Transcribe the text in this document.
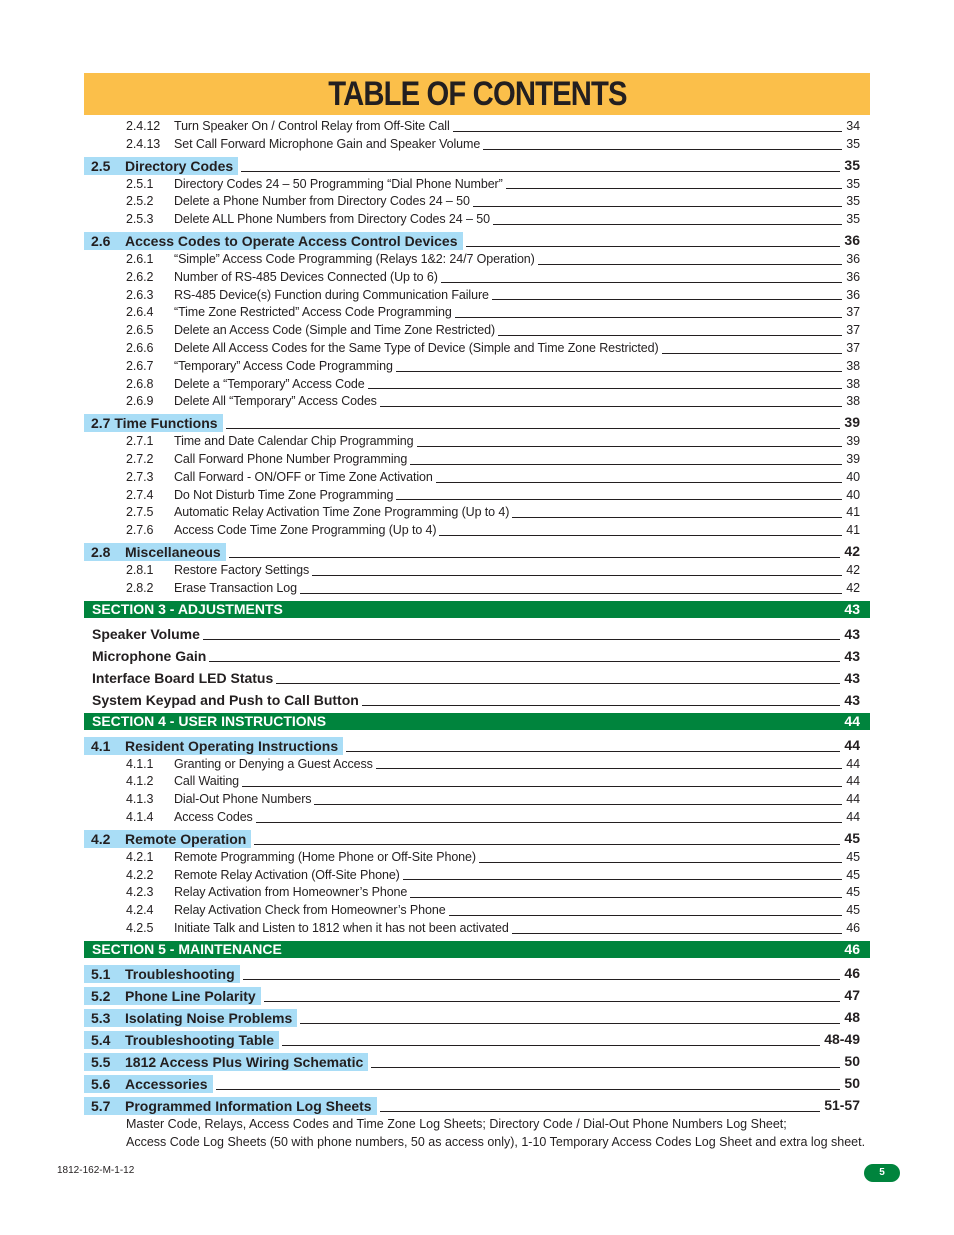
TABLE OF CONTENTS
2.4.12 Turn Speaker On / Control Relay from Off-Site Call	34
2.4.13 Set Call Forward Microphone Gain and Speaker Volume	35
2.5	Directory Codes	35
2.5.1 Directory Codes 24 – 50 Programming “Dial Phone Number”	35
2.5.2 Delete a Phone Number from Directory Codes 24 – 50	35
2.5.3 Delete ALL Phone Numbers from Directory Codes 24 – 50	35
2.6	Access Codes to Operate Access Control Devices	36
2.6.1 “Simple” Access Code Programming (Relays 1&2: 24/7 Operation)	36
2.6.2 Number of RS-485 Devices Connected (Up to 6)	36
2.6.3 RS-485 Device(s) Function during Communication Failure	36
2.6.4 “Time Zone Restricted” Access Code Programming	37
2.6.5 Delete an Access Code (Simple and Time Zone Restricted)	37
2.6.6 Delete All Access Codes for the Same Type of Device (Simple and Time Zone Restricted)	37
2.6.7 “Temporary” Access Code Programming	38
2.6.8 Delete a “Temporary” Access Code	38
2.6.9 Delete All “Temporary” Access Codes	38
2.7 Time Functions	39
2.7.1 Time and Date Calendar Chip Programming	39
2.7.2 Call Forward Phone Number Programming	39
2.7.3 Call Forward - ON/OFF or Time Zone Activation	40
2.7.4 Do Not Disturb Time Zone Programming	40
2.7.5 Automatic Relay Activation Time Zone Programming (Up to 4)	41
2.7.6 Access Code Time Zone Programming (Up to 4)	41
2.8	Miscellaneous	42
2.8.1 Restore Factory Settings	42
2.8.2 Erase Transaction Log	42
SECTION 3 - ADJUSTMENTS	43
Speaker Volume	43
Microphone Gain	43
Interface Board LED Status	43
System Keypad and Push to Call Button	43
SECTION 4 - USER INSTRUCTIONS	44
4.1	Resident Operating Instructions	44
4.1.1 Granting or Denying a Guest Access	44
4.1.2 Call Waiting	44
4.1.3 Dial-Out Phone Numbers	44
4.1.4 Access Codes	44
4.2	Remote Operation	45
4.2.1 Remote Programming (Home Phone or Off-Site Phone)	45
4.2.2 Remote Relay Activation (Off-Site Phone)	45
4.2.3 Relay Activation from Homeowner’s Phone	45
4.2.4 Relay Activation Check from Homeowner’s Phone	45
4.2.5 Initiate Talk and Listen to 1812 when it has not been activated	46
SECTION 5 - MAINTENANCE	46
5.1	Troubleshooting	46
5.2	Phone Line Polarity	47
5.3	Isolating Noise Problems	48
5.4	Troubleshooting Table	48-49
5.5	1812 Access Plus Wiring Schematic	50
5.6	Accessories	50
5.7	Programmed Information Log Sheets	51-57
Master Code, Relays, Access Codes and Time Zone Log Sheets; Directory Code / Dial-Out Phone Numbers Log Sheet;
Access Code Log Sheets (50 with phone numbers, 50 as access only), 1-10 Temporary Access Codes Log Sheet and extra log sheet.
1812-162-M-1-12	5
